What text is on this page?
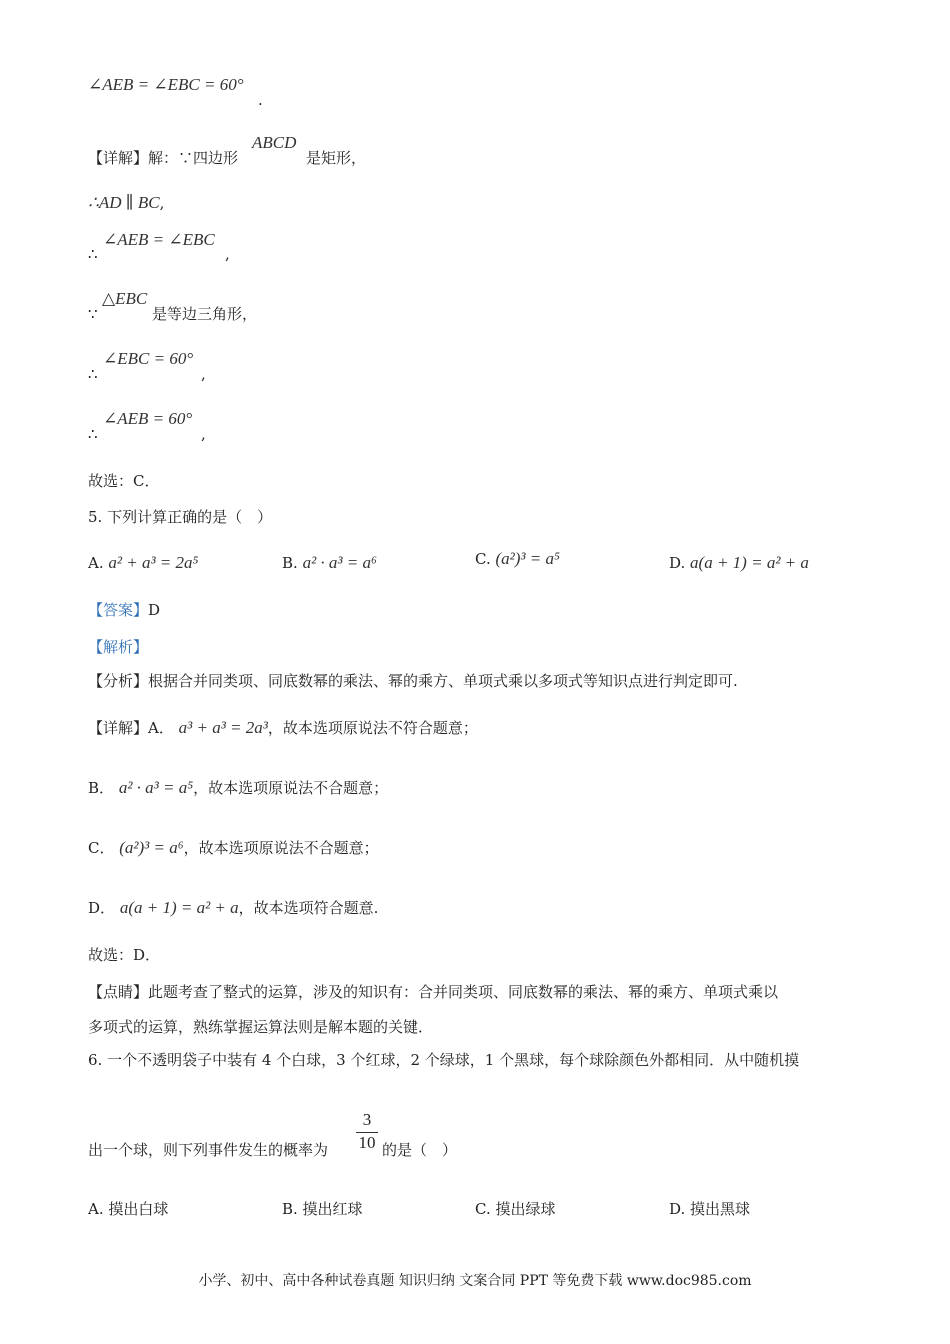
∠AEB = ∠EBC = 60°
.
【详解】解：∵四边形
ABCD
是矩形，
∴AD ∥ BC,
∴
∠AEB = ∠EBC
,
∵
△EBC
是等边三角形，
∴
∠EBC = 60°
,
∴
∠AEB = 60°
,
故选：C．
5. 下列计算正确的是（　）
A. a² + a³ = 2a⁵	B. a² · a³ = a⁶	C. (a²)³ = a⁵	D. a(a + 1) = a² + a
【答案】D
【解析】
【分析】根据合并同类项、同底数幂的乘法、幂的乘方、单项式乘以多项式等知识点进行判定即可.
【详解】A． a³ + a³ = 2a³，故本选项原说法不符合题意；
B． a² · a³ = a⁵，故本选项原说法不合题意；
C． (a²)³ = a⁶，故本选项原说法不合题意；
D． a(a + 1) = a² + a，故本选项符合题意.
故选：D．
【点睛】此题考查了整式的运算，涉及的知识有：合并同类项、同底数幂的乘法、幂的乘方、单项式乘以
多项式的运算，熟练掌握运算法则是解本题的关键．
6. 一个不透明袋子中装有 4 个白球，3 个红球，2 个绿球，1 个黑球，每个球除颜色外都相同．从中随机摸
出一个球，则下列事件发生的概率为
3
10 的是（　）
A. 摸出白球	B. 摸出红球	C. 摸出绿球	D. 摸出黑球
小学、初中、高中各种试卷真题 知识归纳 文案合同 PPT 等免费下载 www.doc985.com
